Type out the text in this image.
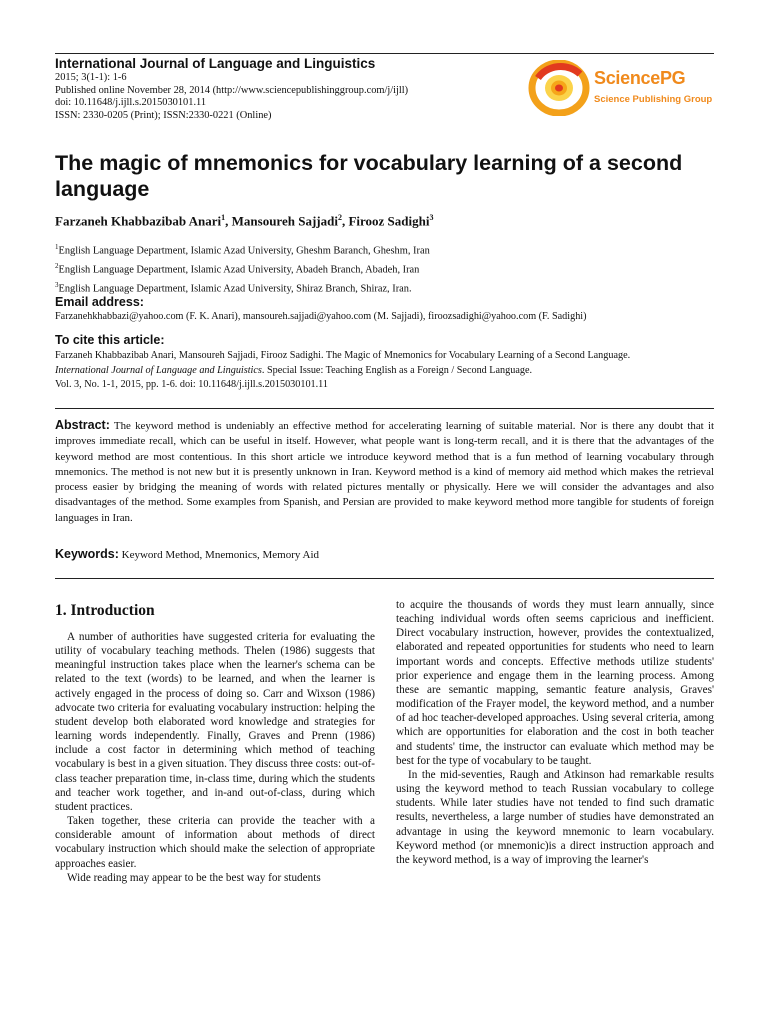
International Journal of Language and Linguistics
2015; 3(1-1): 1-6
Published online November 28, 2014 (http://www.sciencepublishinggroup.com/j/ijll)
doi: 10.11648/j.ijll.s.2015030101.11
ISSN: 2330-0205 (Print); ISSN:2330-0221 (Online)
SciencePG
Science Publishing Group
The magic of mnemonics for vocabulary learning of a second language
Farzaneh Khabbazibab Anari$^1$, Mansoureh Sajjadi$^2$, Firooz Sadighi$^3$
$^1$English Language Department, Islamic Azad University, Gheshm Baranch, Gheshm, Iran
$^2$English Language Department, Islamic Azad University, Abadeh Branch, Abadeh, Iran
$^3$English Language Department, Islamic Azad University, Shiraz Branch, Shiraz, Iran.
Email address:
Farzanehkhabbazi@yahoo.com (F. K. Anari), mansoureh.sajjadi@yahoo.com (M. Sajjadi), firoozsadighi@yahoo.com (F. Sadighi)
To cite this article:
Farzaneh Khabbazibab Anari, Mansoureh Sajjadi, Firooz Sadighi. The Magic of Mnemonics for Vocabulary Learning of a Second Language.
International Journal of Language and Linguistics. Special Issue: Teaching English as a Foreign / Second Language.
Vol. 3, No. 1-1, 2015, pp. 1-6. doi: 10.11648/j.ijll.s.2015030101.11
Abstract: The keyword method is undeniably an effective method for accelerating learning of suitable material. Nor is there any doubt that it improves immediate recall, which can be useful in itself. However, what people want is long-term recall, and it is there that the advantages of the keyword method are most contentious. In this short article we introduce keyword method that is a fun method of learning vocabulary through mnemonics. The method is not new but it is presently unknown in Iran. Keyword method is a kind of memory aid method which makes the retrieval process easier by bridging the meaning of words with related pictures mentally or physically. Here we will consider the advantages and also disadvantages of the method. Some examples from Spanish, and Persian are provided to make keyword method more tangible for students of foreign languages in Iran.
Keywords: Keyword Method, Mnemonics, Memory Aid
1. Introduction

A number of authorities have suggested criteria for evaluating the utility of vocabulary teaching methods. Thelen (1986) suggests that meaningful instruction takes place when the learner's schema can be related to the text (words) to be learned, and when the learner is actively engaged in the process of doing so. Carr and Wixson (1986) advocate two criteria for evaluating vocabulary instruction: helping the student develop both elaborated word knowledge and strategies for learning words independently. Finally, Graves and Prenn (1986) include a cost factor in determining which method of teaching vocabulary is best in a given situation. They discuss three costs: out-of-class teacher preparation time, in-class time, during which the students and teacher work together, and in-and out-of-class, during which student practices.

Taken together, these criteria can provide the teacher with a considerable amount of information about methods of direct vocabulary instruction which should make the selection of appropriate approaches easier.

Wide reading may appear to be the best way for students

to acquire the thousands of words they must learn annually, since teaching individual words often seems capricious and inefficient. Direct vocabulary instruction, however, provides the contextualized, elaborated and repeated opportunities for students who need to learn important words and concepts. Effective methods utilize students' prior experience and engage them in the learning process. Among these are semantic mapping, semantic feature analysis, Graves' modification of the Frayer model, the keyword method, and a number of ad hoc teacher-developed approaches. Using several criteria, among which are opportunities for elaboration and the cost in both teacher and students' time, the instructor can evaluate which method may be best for the type of vocabulary to be taught.

In the mid-seventies, Raugh and Atkinson had remarkable results using the keyword method to teach Russian vocabulary to college students. While later studies have not tended to find such dramatic results, nevertheless, a large number of studies have demonstrated an advantage in using the keyword mnemonic to learn vocabulary. Keyword method (or mnemonic)is a direct instruction approach and the keyword method, is a way of improving the learner's
